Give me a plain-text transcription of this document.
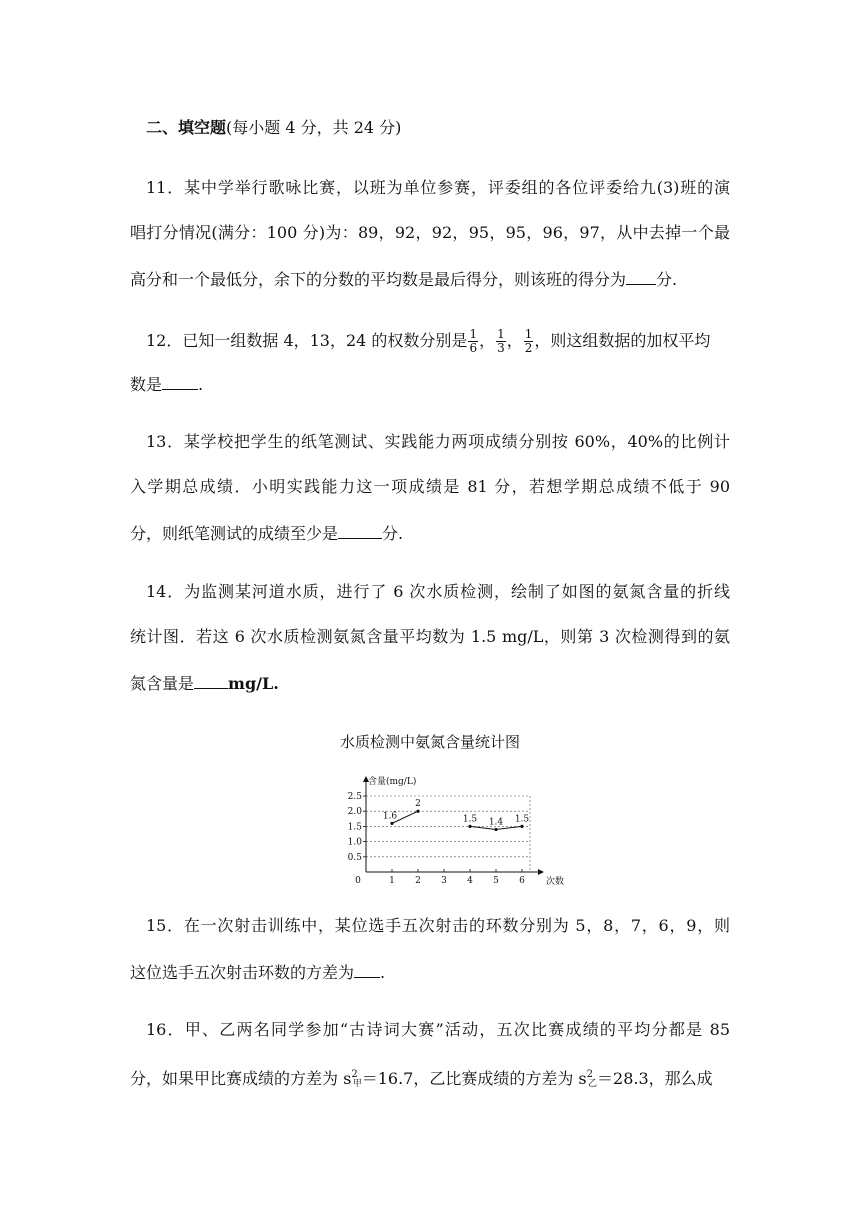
二、填空题(每小题 4 分，共 24 分)
11．某中学举行歌咏比赛，以班为单位参赛，评委组的各位评委给九(3)班的演
唱打分情况(满分：100 分)为：89，92，92，95，95，96，97，从中去掉一个最
高分和一个最低分，余下的分数的平均数是最后得分，则该班的得分为 分.
12．已知一组数据 4，13，24 的权数分别是 $\frac{1}{6}$ ， $\frac{1}{3}$ ， $\frac{1}{2}$ ，则这组数据的加权平均
数是 .
13．某学校把学生的纸笔测试、实践能力两项成绩分别按 60%，40%的比例计
入学期总成绩．小明实践能力这一项成绩是 81 分，若想学期总成绩不低于 90
分，则纸笔测试的成绩至少是	分.
14．为监测某河道水质，进行了 6 次水质检测，绘制了如图的氨氮含量的折线
统计图．若这 6 次水质检测氨氮含量平均数为 1.5 mg/L，则第 3 次检测得到的氨
氮含量是 mg/L.
水质检测中氨氮含量统计图
0.5
1.0
1.5
2.0
2.5
1 2 3 4 5 6
0
含量(mg/L)
次数
1.6
2
1.5 1.4 1.5
15．在一次射击训练中，某位选手五次射击的环数分别为 5，8，7，6，9，则
这位选手五次射击环数的方差为 .
16．甲、乙两名同学参加“古诗词大赛”活动，五次比赛成绩的平均分都是 85
分，如果甲比赛成绩的方差为 $s^2_甲=16.7$，乙比赛成绩的方差为 $s^2_乙=28.3$，那么成
